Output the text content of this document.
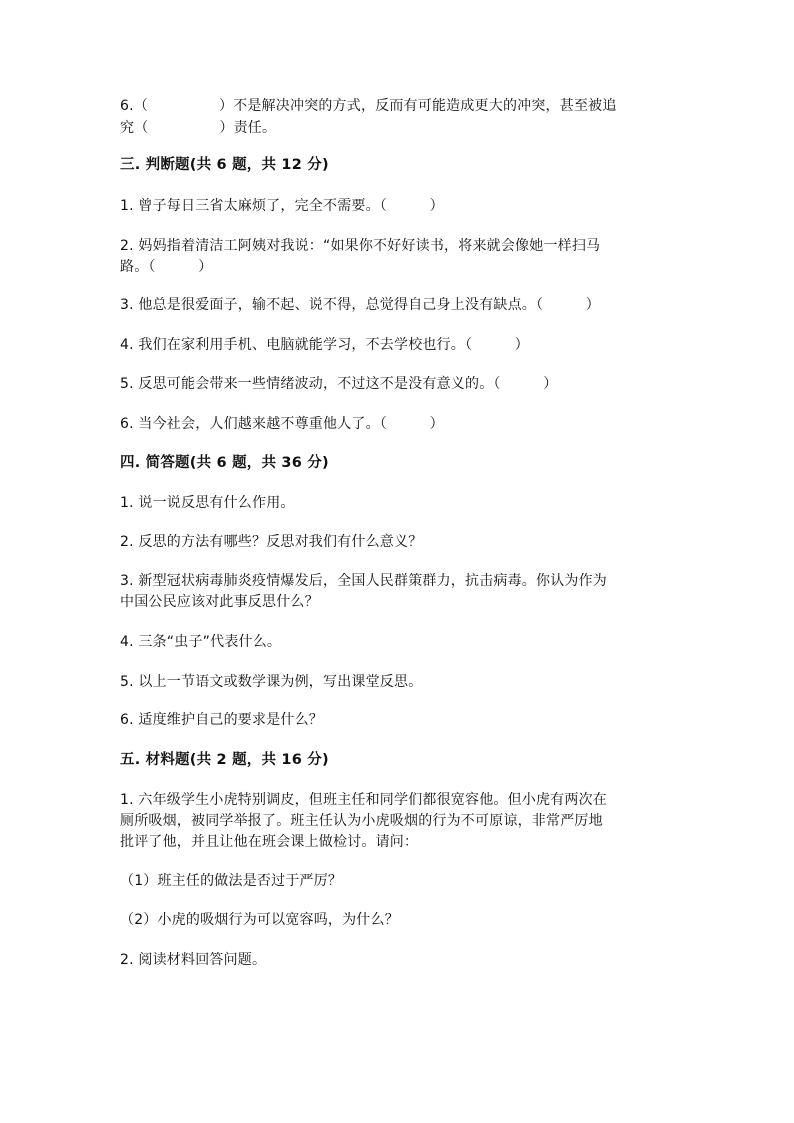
6.（　　　　　）不是解决冲突的方式，反而有可能造成更大的冲突，甚至被追
究（　　　　　）责任。
三. 判断题(共 6 题，共 12 分)
1. 曾子每日三省太麻烦了，完全不需要。（　　　）
2. 妈妈指着清洁工阿姨对我说：“如果你不好好读书，将来就会像她一样扫马
路。（　　　）
3. 他总是很爱面子，输不起、说不得，总觉得自己身上没有缺点。（　　　）
4. 我们在家利用手机、电脑就能学习，不去学校也行。（　　　）
5. 反思可能会带来一些情绪波动，不过这不是没有意义的。（　　　）
6. 当今社会，人们越来越不尊重他人了。（　　　）
四. 简答题(共 6 题，共 36 分)
1. 说一说反思有什么作用。
2. 反思的方法有哪些？反思对我们有什么意义？
3. 新型冠状病毒肺炎疫情爆发后，全国人民群策群力，抗击病毒。你认为作为
中国公民应该对此事反思什么？
4. 三条“虫子”代表什么。
5. 以上一节语文或数学课为例，写出课堂反思。
6. 适度维护自己的要求是什么？
五. 材料题(共 2 题，共 16 分)
1. 六年级学生小虎特别调皮，但班主任和同学们都很宽容他。但小虎有两次在
厕所吸烟，被同学举报了。班主任认为小虎吸烟的行为不可原谅，非常严厉地
批评了他，并且让他在班会课上做检讨。请问：
（1）班主任的做法是否过于严厉？
（2）小虎的吸烟行为可以宽容吗，为什么？
2. 阅读材料回答问题。
